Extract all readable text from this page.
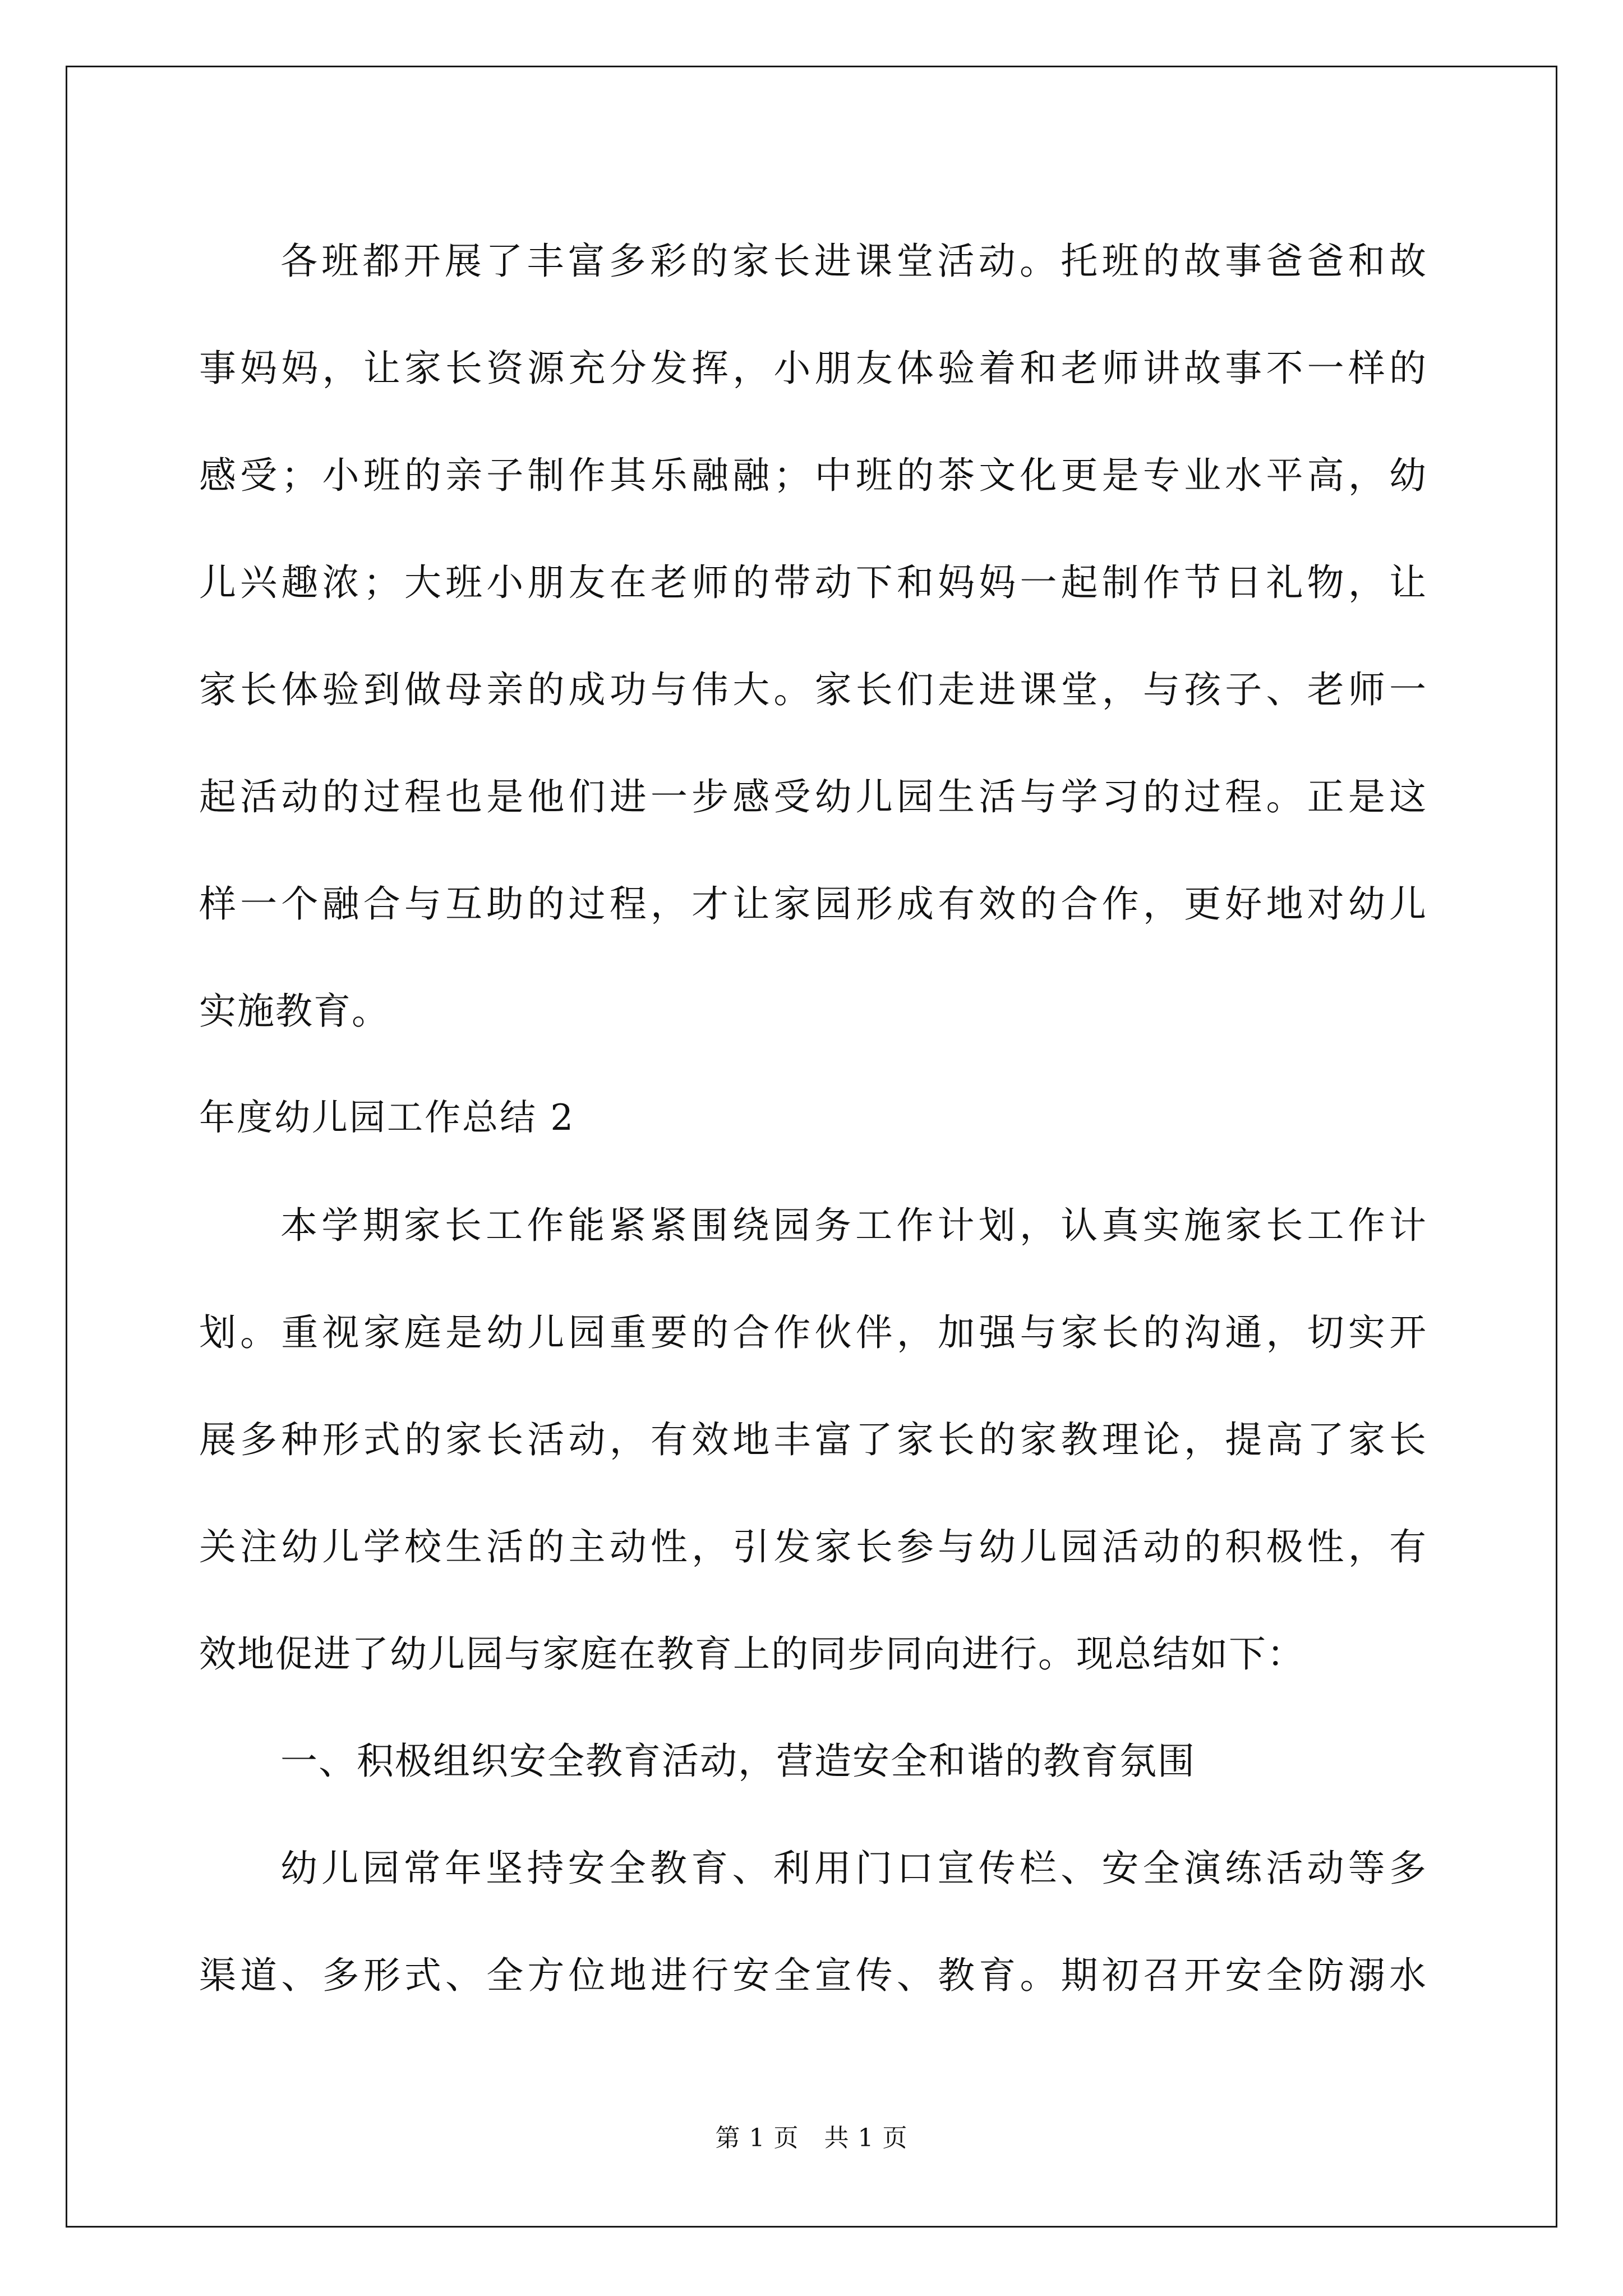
各班都开展了丰富多彩的家长进课堂活动。托班的故事爸爸和故
事妈妈，让家长资源充分发挥，小朋友体验着和老师讲故事不一样的
感受；小班的亲子制作其乐融融；中班的茶文化更是专业水平高，幼
儿兴趣浓；大班小朋友在老师的带动下和妈妈一起制作节日礼物，让
家长体验到做母亲的成功与伟大。家长们走进课堂，与孩子、老师一
起活动的过程也是他们进一步感受幼儿园生活与学习的过程。正是这
样一个融合与互助的过程，才让家园形成有效的合作，更好地对幼儿
实施教育。
年度幼儿园工作总结 2
本学期家长工作能紧紧围绕园务工作计划，认真实施家长工作计
划。重视家庭是幼儿园重要的合作伙伴，加强与家长的沟通，切实开
展多种形式的家长活动，有效地丰富了家长的家教理论，提高了家长
关注幼儿学校生活的主动性，引发家长参与幼儿园活动的积极性，有
效地促进了幼儿园与家庭在教育上的同步同向进行。现总结如下：
一、积极组织安全教育活动，营造安全和谐的教育氛围
幼儿园常年坚持安全教育、利用门口宣传栏、安全演练活动等多
渠道、多形式、全方位地进行安全宣传、教育。期初召开安全防溺水
第 1 页　共 1 页
